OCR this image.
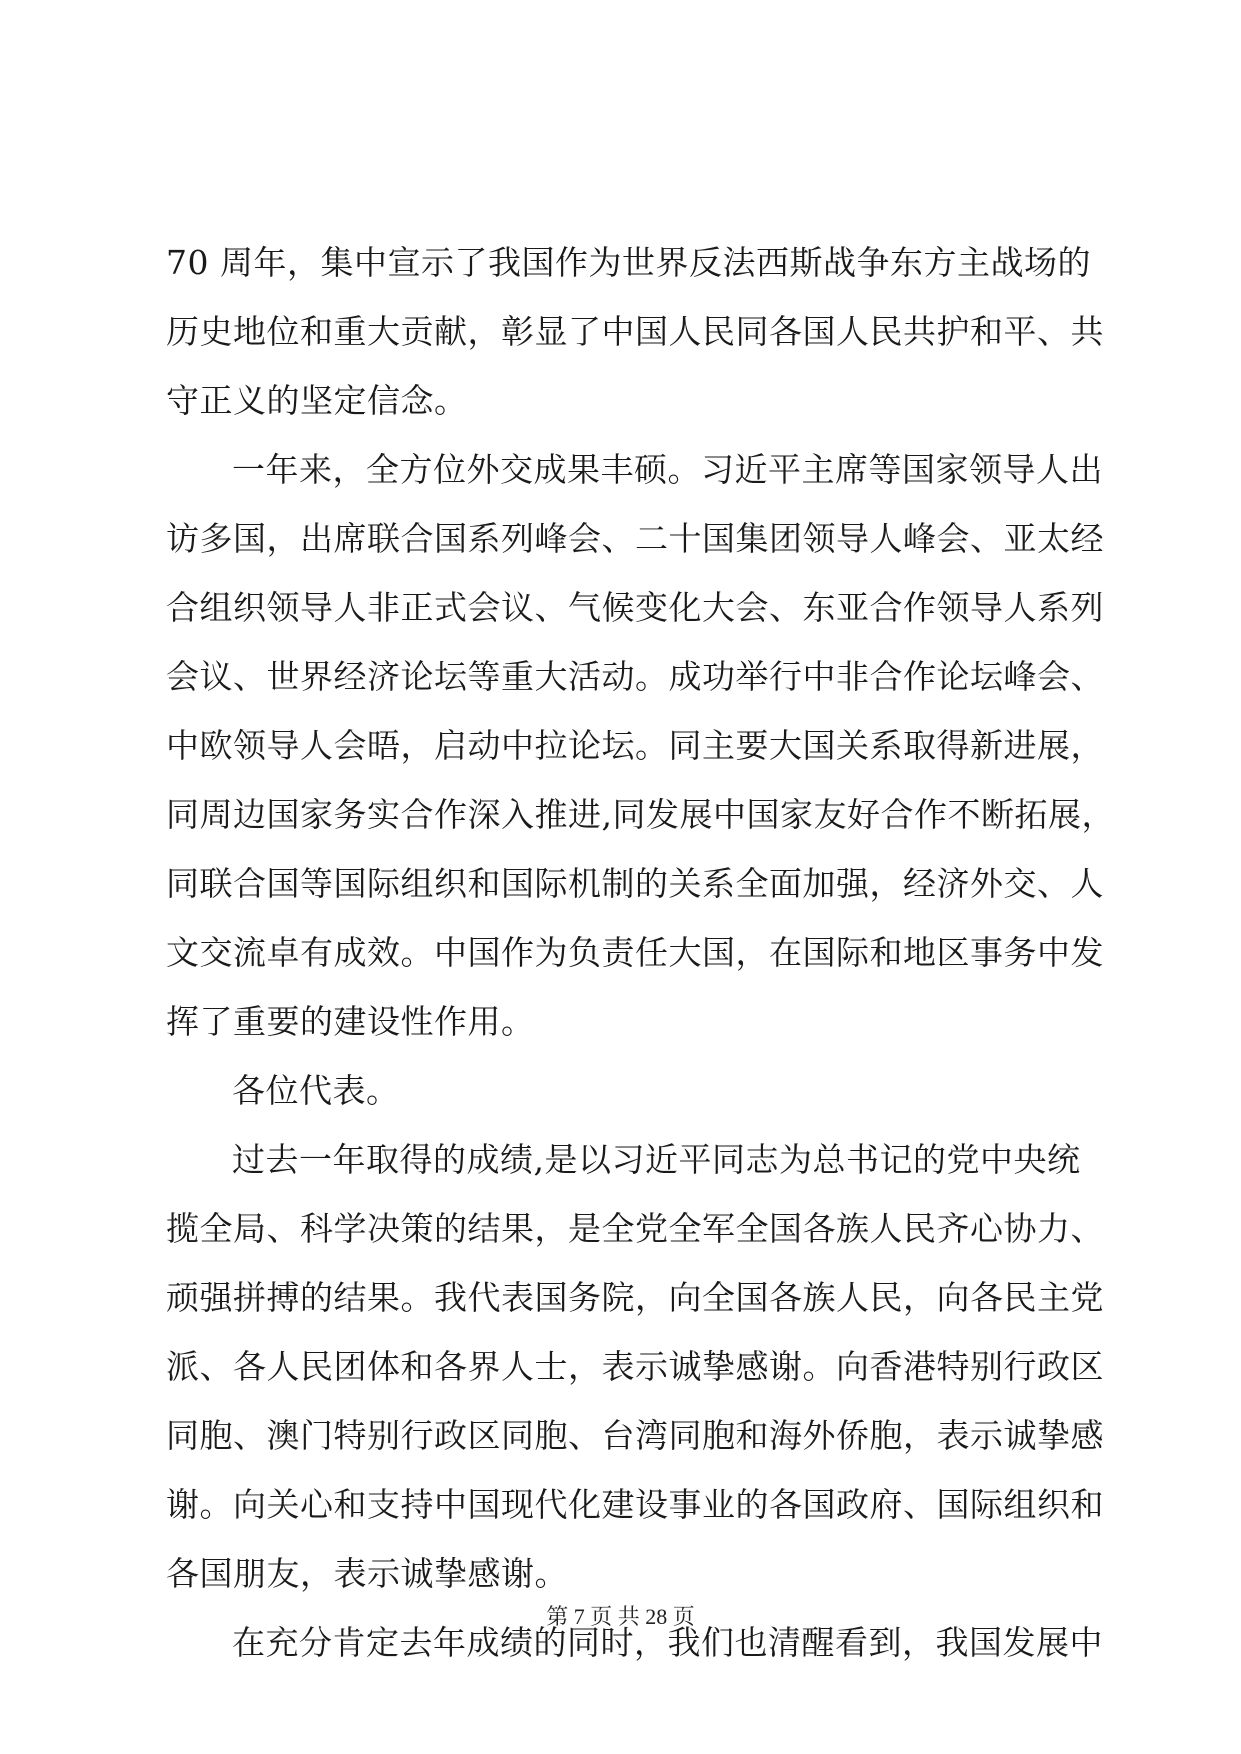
70 周年，集中宣示了我国作为世界反法西斯战争东方主战场的
历史地位和重大贡献，彰显了中国人民同各国人民共护和平、共
守正义的坚定信念。
一年来，全方位外交成果丰硕。习近平主席等国家领导人出
访多国，出席联合国系列峰会、二十国集团领导人峰会、亚太经
合组织领导人非正式会议、气候变化大会、东亚合作领导人系列
会议、世界经济论坛等重大活动。成功举行中非合作论坛峰会、
中欧领导人会晤，启动中拉论坛。同主要大国关系取得新进展，
同周边国家务实合作深入推进,同发展中国家友好合作不断拓展，
同联合国等国际组织和国际机制的关系全面加强，经济外交、人
文交流卓有成效。中国作为负责任大国，在国际和地区事务中发
挥了重要的建设性作用。
各位代表。
过去一年取得的成绩,是以习近平同志为总书记的党中央统
揽全局、科学决策的结果，是全党全军全国各族人民齐心协力、
顽强拼搏的结果。我代表国务院，向全国各族人民，向各民主党
派、各人民团体和各界人士，表示诚挚感谢。向香港特别行政区
同胞、澳门特别行政区同胞、台湾同胞和海外侨胞，表示诚挚感
谢。向关心和支持中国现代化建设事业的各国政府、国际组织和
各国朋友，表示诚挚感谢。
在充分肯定去年成绩的同时，我们也清醒看到，我国发展中
第 7 页 共 28 页
